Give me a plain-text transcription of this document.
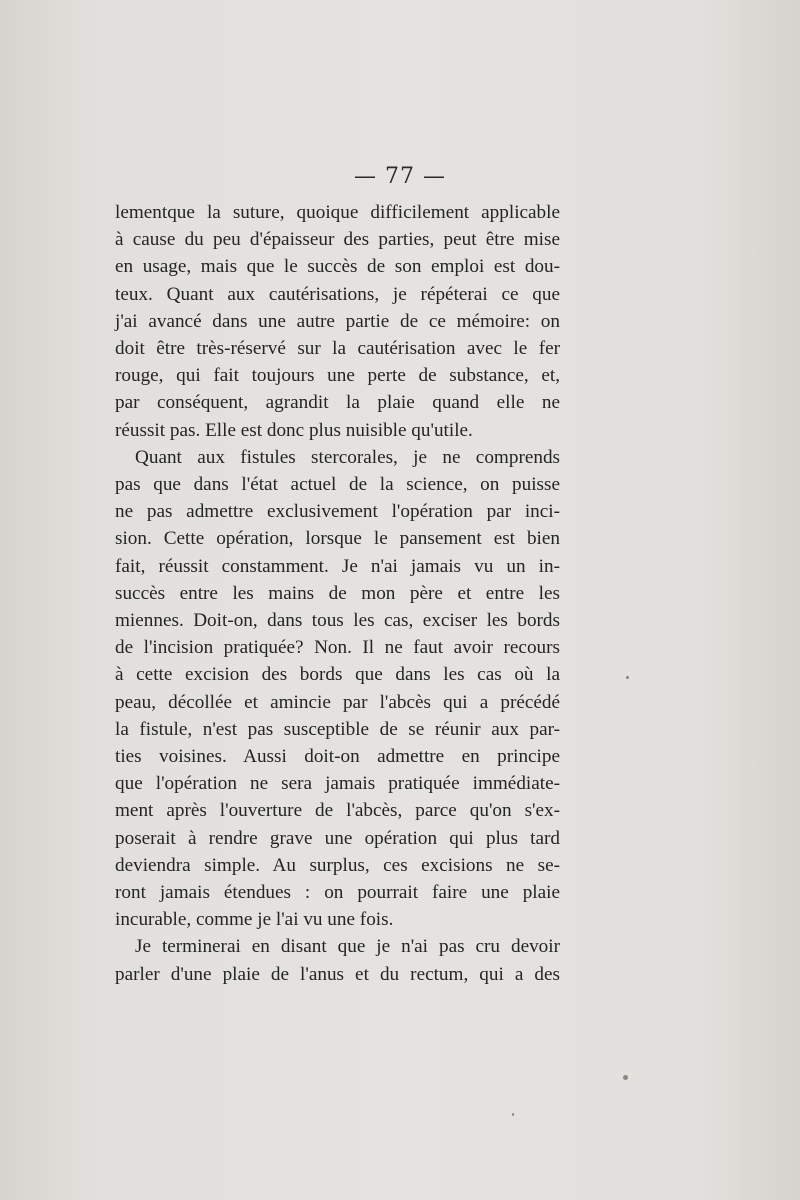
— 77 —
lementque la suture, quoique difficilement applicable
à cause du peu d'épaisseur des parties, peut être mise
en usage, mais que le succès de son emploi est dou-
teux. Quant aux cautérisations, je répéterai ce que
j'ai avancé dans une autre partie de ce mémoire: on
doit être très-réservé sur la cautérisation avec le fer
rouge, qui fait toujours une perte de substance, et,
par conséquent, agrandit la plaie quand elle ne
réussit pas. Elle est donc plus nuisible qu'utile.
Quant aux fistules stercorales, je ne comprends
pas que dans l'état actuel de la science, on puisse
ne pas admettre exclusivement l'opération par inci-
sion. Cette opération, lorsque le pansement est bien
fait, réussit constamment. Je n'ai jamais vu un in-
succès entre les mains de mon père et entre les
miennes. Doit-on, dans tous les cas, exciser les bords
de l'incision pratiquée? Non. Il ne faut avoir recours
à cette excision des bords que dans les cas où la
peau, décollée et amincie par l'abcès qui a précédé
la fistule, n'est pas susceptible de se réunir aux par-
ties voisines. Aussi doit-on admettre en principe
que l'opération ne sera jamais pratiquée immédiate-
ment après l'ouverture de l'abcès, parce qu'on s'ex-
poserait à rendre grave une opération qui plus tard
deviendra simple. Au surplus, ces excisions ne se-
ront jamais étendues : on pourrait faire une plaie
incurable, comme je l'ai vu une fois.
Je terminerai en disant que je n'ai pas cru devoir
parler d'une plaie de l'anus et du rectum, qui a des
